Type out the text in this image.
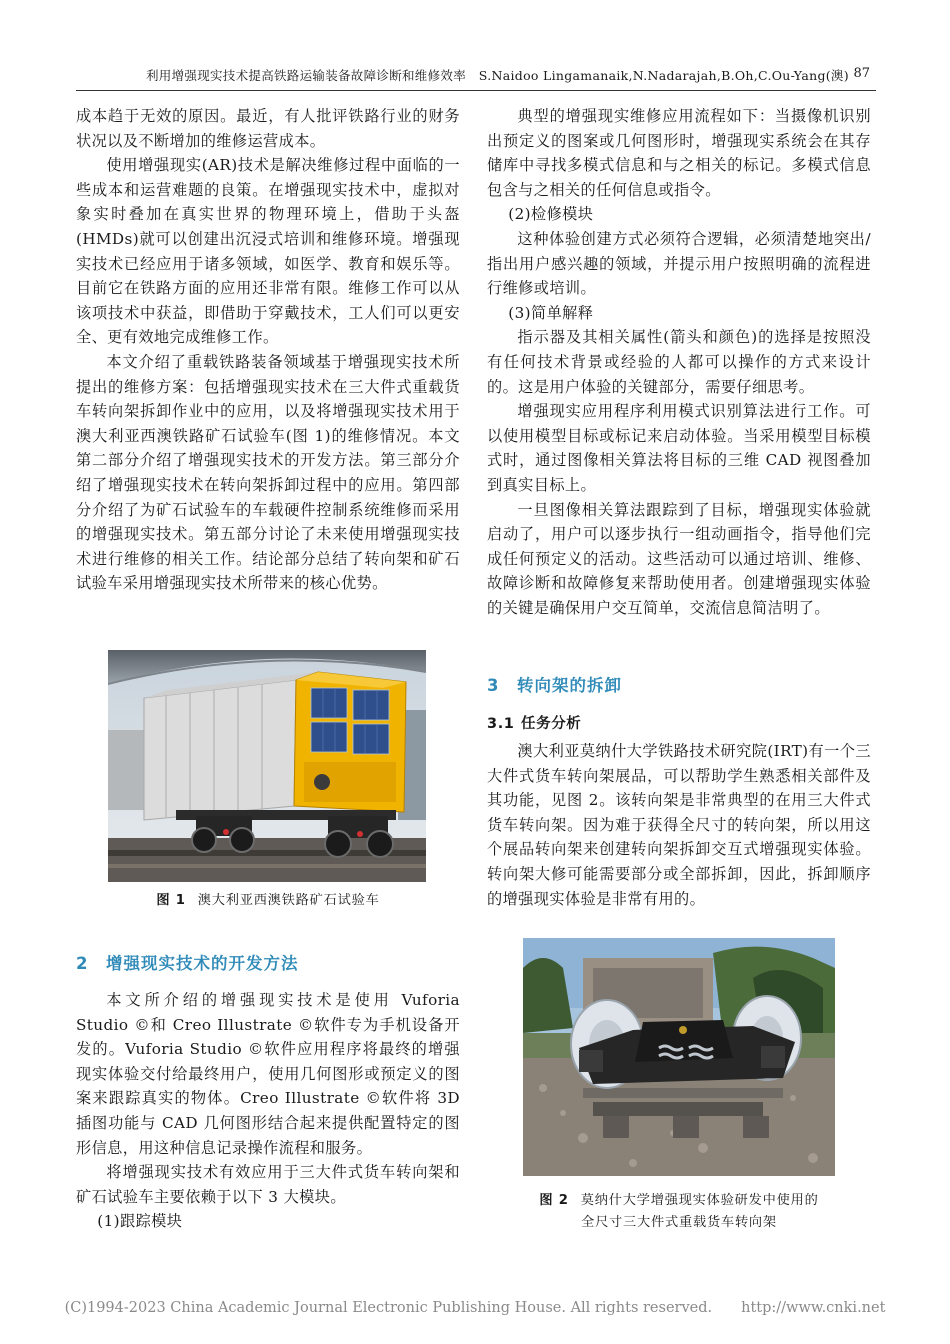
利用增强现实技术提高铁路运输装备故障诊断和维修效率　S.Naidoo Lingamanaik,N.Nadarajah,B.Oh,C.Ou-Yang(澳) 87

成本趋于无效的原因。最近，有人批评铁路行业的财务状况以及不断增加的维修运营成本。

使用增强现实(AR)技术是解决维修过程中面临的一些成本和运营难题的良策。在增强现实技术中，虚拟对象实时叠加在真实世界的物理环境上，借助于头盔(HMDs)就可以创建出沉浸式培训和维修环境。增强现实技术已经应用于诸多领域，如医学、教育和娱乐等。目前它在铁路方面的应用还非常有限。维修工作可以从该项技术中获益，即借助于穿戴技术，工人们可以更安全、更有效地完成维修工作。

本文介绍了重载铁路装备领域基于增强现实技术所提出的维修方案：包括增强现实技术在三大件式重载货车转向架拆卸作业中的应用，以及将增强现实技术用于澳大利亚西澳铁路矿石试验车(图 1)的维修情况。本文第二部分介绍了增强现实技术的开发方法。第三部分介绍了增强现实技术在转向架拆卸过程中的应用。第四部分介绍了为矿石试验车的车载硬件控制系统维修而采用的增强现实技术。第五部分讨论了未来使用增强现实技术进行维修的相关工作。结论部分总结了转向架和矿石试验车采用增强现实技术所带来的核心优势。

图 1 澳大利亚西澳铁路矿石试验车
2 增强现实技术的开发方法

本文所介绍的增强现实技术是使用 Vuforia Studio ©和 Creo Illustrate ©软件专为手机设备开发的。Vuforia Studio ©软件应用程序将最终的增强现实体验交付给最终用户，使用几何图形或预定义的图案来跟踪真实的物体。Creo Illustrate ©软件将 3D 插图功能与 CAD 几何图形结合起来提供配置特定的图形信息，用这种信息记录操作流程和服务。

将增强现实技术有效应用于三大件式货车转向架和矿石试验车主要依赖于以下 3 大模块。

(1)跟踪模块

典型的增强现实维修应用流程如下：当摄像机识别出预定义的图案或几何图形时，增强现实系统会在其存储库中寻找多模式信息和与之相关的标记。多模式信息包含与之相关的任何信息或指令。

(2)检修模块

这种体验创建方式必须符合逻辑，必须清楚地突出/指出用户感兴趣的领域，并提示用户按照明确的流程进行维修或培训。

(3)简单解释

指示器及其相关属性(箭头和颜色)的选择是按照没有任何技术背景或经验的人都可以操作的方式来设计的。这是用户体验的关键部分，需要仔细思考。

增强现实应用程序利用模式识别算法进行工作。可以使用模型目标或标记来启动体验。当采用模型目标模式时，通过图像相关算法将目标的三维 CAD 视图叠加到真实目标上。

一旦图像相关算法跟踪到了目标，增强现实体验就启动了，用户可以逐步执行一组动画指令，指导他们完成任何预定义的活动。这些活动可以通过培训、维修、故障诊断和故障修复来帮助使用者。创建增强现实体验的关键是确保用户交互简单，交流信息简洁明了。

3 转向架的拆卸
3.1 任务分析

澳大利亚莫纳什大学铁路技术研究院(IRT)有一个三大件式货车转向架展品，可以帮助学生熟悉相关部件及其功能，见图 2。该转向架是非常典型的在用三大件式货车转向架。因为难于获得全尺寸的转向架，所以用这个展品转向架来创建转向架拆卸交互式增强现实体验。转向架大修可能需要部分或全部拆卸，因此，拆卸顺序的增强现实体验是非常有用的。

图 2 莫纳什大学增强现实体验研发中使用的
全尺寸三大件式重载货车转向架
(C)1994-2023 China Academic Journal Electronic Publishing House. All rights reserved.　　http://www.cnki.net
